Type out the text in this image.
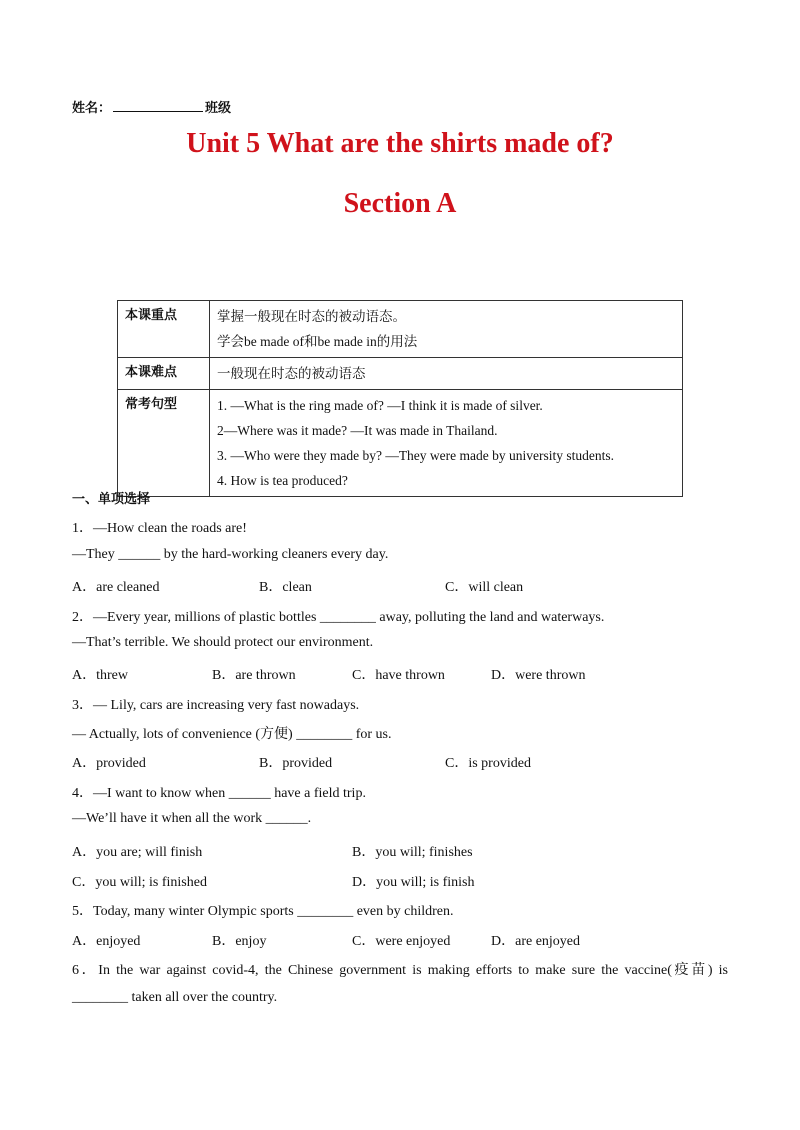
姓名：	班级
Unit 5 What are the shirts made of?
Section A
本课重点	掌握一般现在时态的被动语态。
学会be made of和be made in的用法

本课难点	一般现在时态的被动语态

常考句型	1. —What is the ring made of? —I think it is made of silver.
2—Where was it made? —It was made in Thailand.
3. —Who were they made by? —They were made by university students.
4. How is tea produced?
一、单项选择
1．—How clean the roads are!
—They ______ by the hard-working cleaners every day.
A．are cleaned	B．clean	C．will clean
2．—Every year, millions of plastic bottles ________ away, polluting the land and waterways.
—That’s terrible. We should protect our environment.
A．threw	B．are thrown	C．have thrown	D．were thrown
3．— Lily, cars are increasing very fast nowadays.
— Actually, lots of convenience (方便) ________ for us.
A．provided	B．provided	C．is provided
4．—I want to know when ______ have a field trip.
—We’ll have it when all the work ______.
A．you are; will finish	B．you will; finishes
C．you will; is finished	D．you will; is finish
5．Today, many winter Olympic sports ________ even by children.
A．enjoyed	B．enjoy	C．were enjoyed	D．are enjoyed
6．In the war against covid-4, the Chinese government is making efforts to make sure the vaccine(疫苗) is
________ taken all over the country.
